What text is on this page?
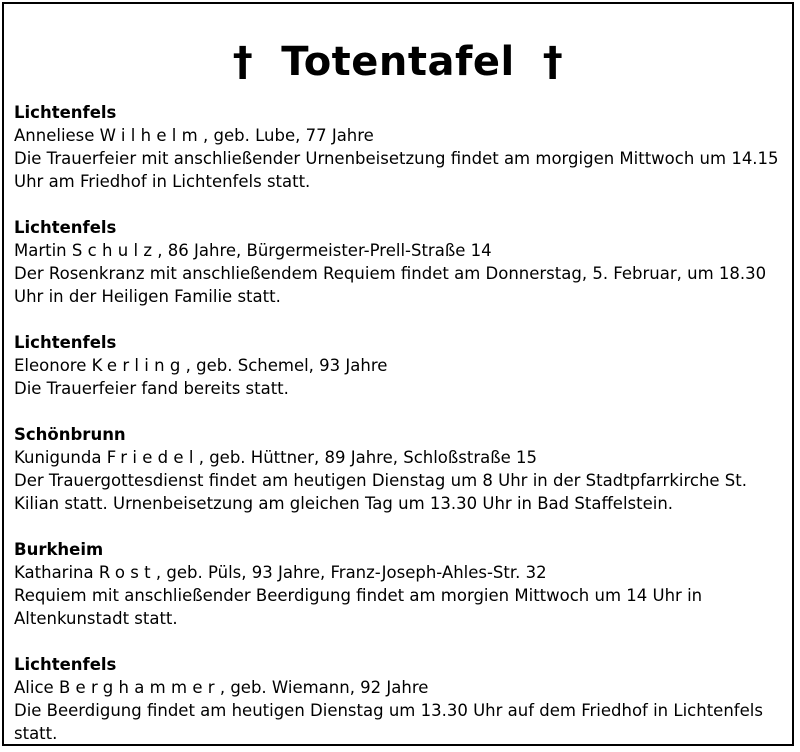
† Totentafel †
Lichtenfels
Anneliese Wilhelm, geb. Lube, 77 Jahre
Die Trauerfeier mit anschließender Urnenbeisetzung findet am morgigen Mittwoch um 14.15 Uhr am Friedhof in Lichtenfels statt.
Lichtenfels
Martin Schulz, 86 Jahre, Bürgermeister-Prell-Straße 14
Der Rosenkranz mit anschließendem Requiem findet am Donnerstag, 5. Februar, um 18.30 Uhr in der Heiligen Familie statt.
Lichtenfels
Eleonore Kerling, geb. Schemel, 93 Jahre
Die Trauerfeier fand bereits statt.
Schönbrunn
Kunigunda Friedel, geb. Hüttner, 89 Jahre, Schloßstraße 15
Der Trauergottesdienst findet am heutigen Dienstag um 8 Uhr in der Stadtpfarrkirche St. Kilian statt. Urnenbeisetzung am gleichen Tag um 13.30 Uhr in Bad Staffelstein.
Burkheim
Katharina Rost, geb. Püls, 93 Jahre, Franz-Joseph-Ahles-Str. 32
Requiem mit anschließender Beerdigung findet am morgien Mittwoch um 14 Uhr in Altenkunstadt statt.
Lichtenfels
Alice Berghammer, geb. Wiemann, 92 Jahre
Die Beerdigung findet am heutigen Dienstag um 13.30 Uhr auf dem Friedhof in Lichtenfels statt.
